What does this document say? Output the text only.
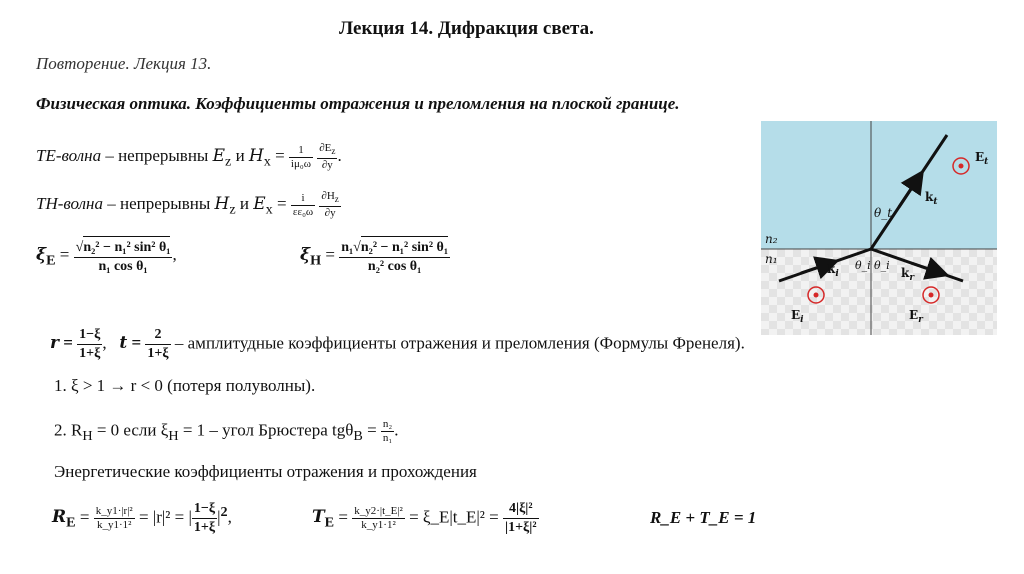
Лекция 14. Дифракция света.
Повторение. Лекция 13.
Физическая оптика. Коэффициенты отражения и преломления на плоской границе.
TE-волна – непрерывны $E_z$ и $H_x = \frac{1}{\text{iμ₀ω}}$
$\frac{\partial E_z}{\partial y}$ .
TH-волна – непрерывны $H_z$ и $E_x = \frac{i}{\text{εε₀ω}}$
$\frac{\partial H_z}{\partial y}$
$\xi_E = \frac{\text{√n₂² − n₁² sin² θ₁}}{\text{n₁ cos θ₁}}$ ,	$\xi_H = \frac{\text{n₁√n₂² − n₁² sin² θ₁}}{\text{n₂² cos θ₁}}$
$r = \frac{1-\xi}{1+\xi}$ ,   $t = \frac{2}{1+\xi}$ – амплитудные коэффициенты отражения и преломления (Формулы Френеля).
1. ξ > 1 → r < 0 (потеря полуволны).
2. $R_H = 0$ если $\xi_H = 1$ – угол Брюстера $tg\theta_B = \frac{\text{n₂}}{\text{n₁}}$ .
Энергетические коэффициенты отражения и прохождения
$R_E = \frac{\text{k\_y1·|r|²}}{\text{k\_y1·1²}} = |r|^2$ = | $\frac{1-\xi}{1+\xi} |^2$,	$T_E = \frac{\text{k\_y2·|t\_E|²}}{\text{k\_y1·1²}}$ = ξ_E|t_E|² = $\frac{\text{4|ξ|²}}{\text{|1+ξ|²}}$	R_E + T_E = 1
n₂
n₁
θ_t
θ_i θ_i
$E_t$
$k_t$
$k_i$	$k_r$
$E_i$	$E_r$
